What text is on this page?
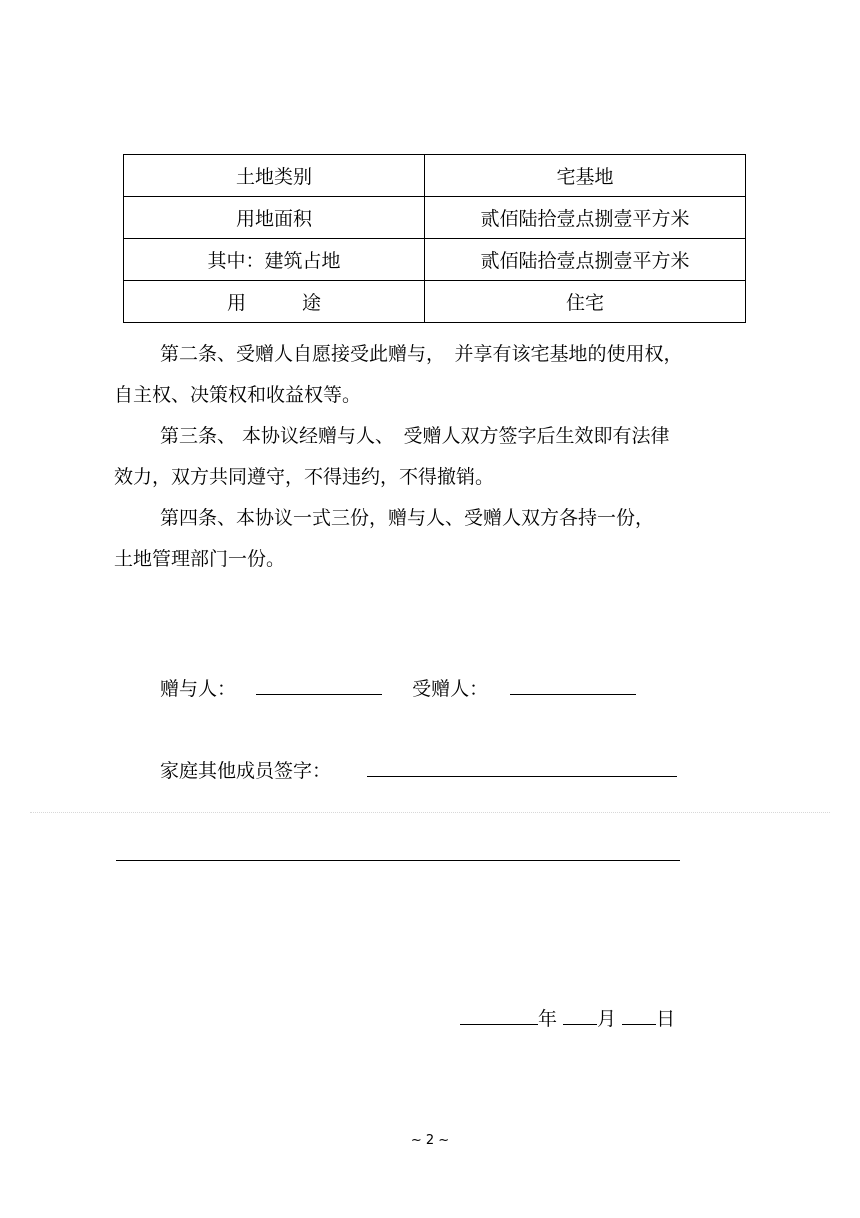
土地类别	宅基地
用地面积	贰佰陆拾壹点捌壹平方米
其中：建筑占地	贰佰陆拾壹点捌壹平方米
用 途	住宅
第二条、受赠人自愿接受此赠与，　并享有该宅基地的使用权，
自主权、决策权和收益权等。
第三条、 本协议经赠与人、　受赠人双方签字后生效即有法律
效力，双方共同遵守，不得违约，不得撤销。
第四条、本协议一式三份，赠与人、受赠人双方各持一份，
土地管理部门一份。
赠与人：	受赠人：
家庭其他成员签字：
年 月 日
~ 2 ~
